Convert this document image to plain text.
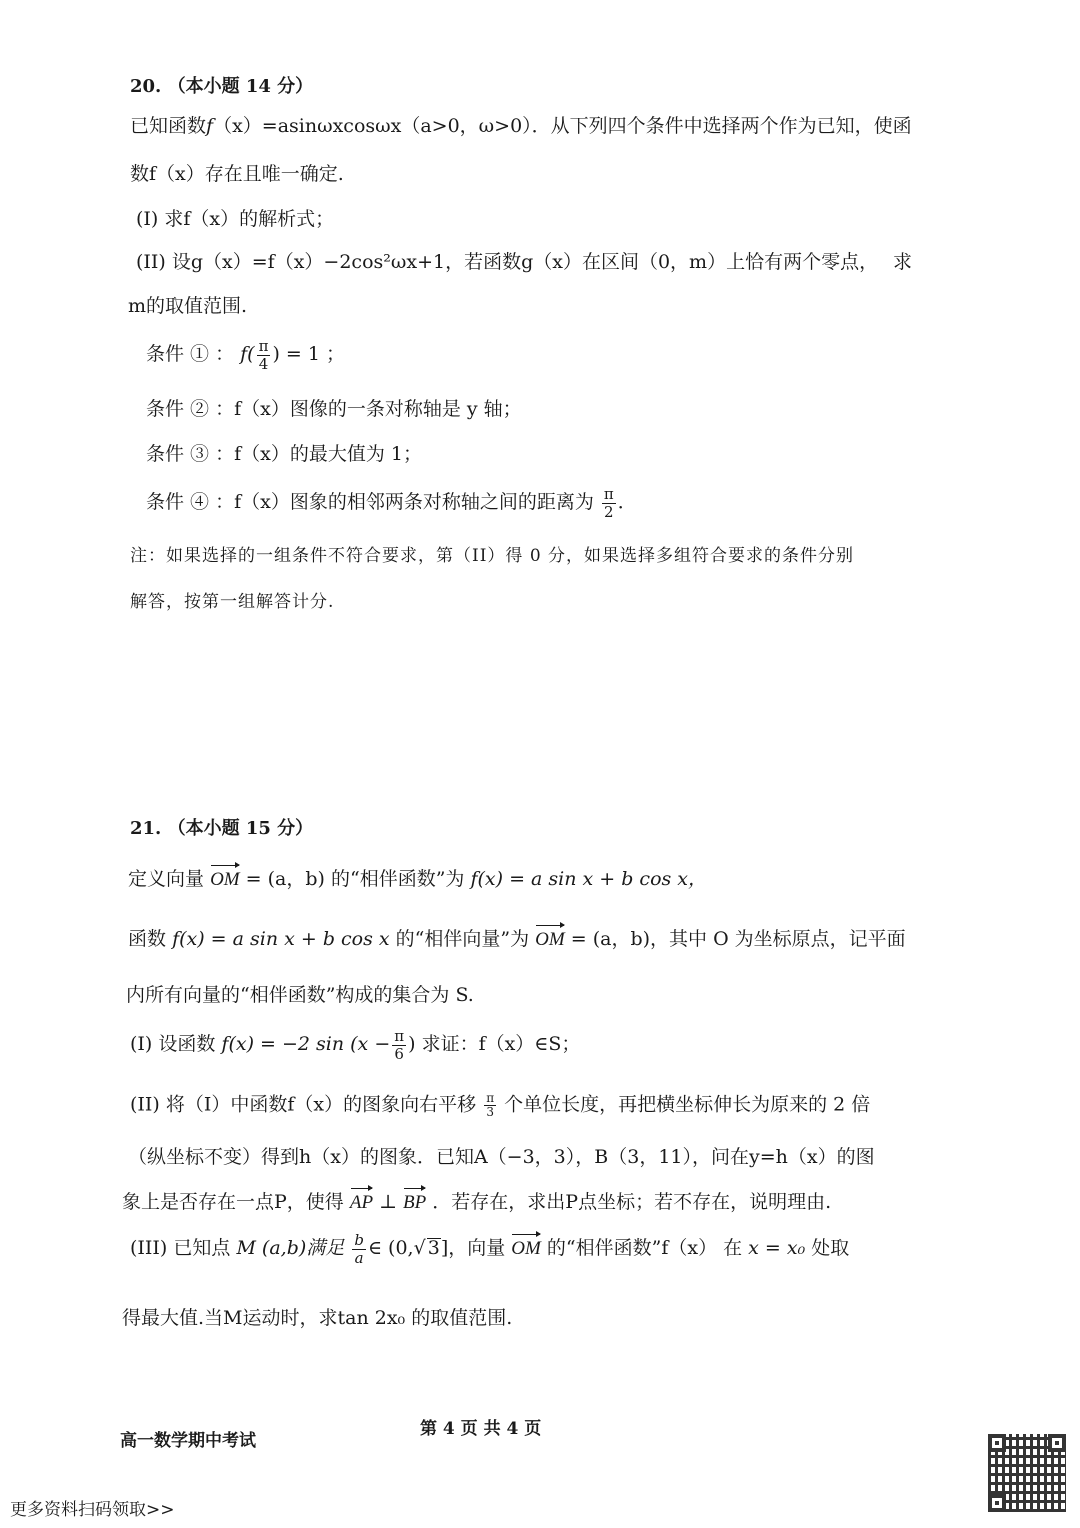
20. （本小题 14 分）
已知函数f（x）=asinωxcosωx（a>0，ω>0）．从下列四个条件中选择两个作为已知，使函
数f（x）存在且唯一确定.
(I) 求f（x）的解析式；
(II) 设g（x）=f（x）−2cos²ωx+1，若函数g（x）在区间（0，m）上恰有两个零点， 求
m的取值范围.
条件 ① ： $f( \frac{\pi}{4}$ ) = 1 ；
条件 ② ：f（x）图像的一条对称轴是 y 轴；
条件 ③ ：f（x）的最大值为 1；
条件 ④ ：f（x）图象的相邻两条对称轴之间的距离为 $\frac{\pi}{2}$ ．
注：如果选择的一组条件不符合要求，第（II）得 0 分，如果选择多组符合要求的条件分别
解答，按第一组解答计分.
21. （本小题 15 分）
定义向量 OM = (a，b) 的“相伴函数”为 f(x) = a sin x + b cos x，
函数 f(x) = a sin x + b cos x 的“相伴向量”为 OM = (a，b)，其中 O 为坐标原点，记平面
内所有向量的“相伴函数”构成的集合为 S.
(I) 设函数 f(x) = −2 $\sin (x - \frac{\pi}{6}$ ) 求证：f（x）∈S；
(II) 将（I）中函数f（x）的图象向右平移 $\frac{\pi}{3}$ 个单位长度，再把横坐标伸长为原来的 2 倍
（纵坐标不变）得到h（x）的图象．已知A（−3，3），B（3，11），问在y=h（x）的图
象上是否存在一点P，使得 AP ⊥ BP ．若存在，求出P点坐标；若不存在，说明理由.
(III) 已知点 M (a,b)满足 $\frac{b}{a}$ ∈ (0,√ 3]，向量 OM 的“相伴函数”f（x） 在 x = x₀ 处取
得最大值.当M运动时，求tan 2x₀ 的取值范围.
高一数学期中考试
第 4 页 共 4 页
更多资料扫码领取>>
